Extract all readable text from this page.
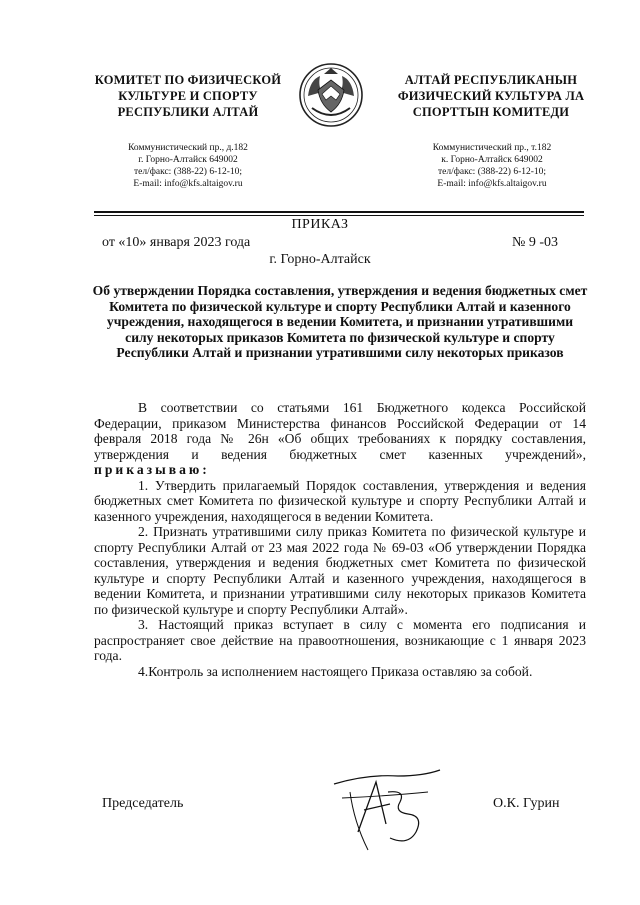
КОМИТЕТ ПО ФИЗИЧЕСКОЙ
КУЛЬТУРЕ И СПОРТУ
РЕСПУБЛИКИ АЛТАЙ
АЛТАЙ РЕСПУБЛИКАНЫН
ФИЗИЧЕСКИЙ КУЛЬТУРА ЛА
СПОРТТЫН КОМИТЕДИ
Коммунистический пр., д.182
г. Горно-Алтайск 649002
тел/факс: (388-22) 6-12-10;
E-mail: info@kfs.altaigov.ru
Коммунистический пр., т.182
к. Горно-Алтайск 649002
тел/факс: (388-22) 6-12-10;
E-mail: info@kfs.altaigov.ru
ПРИКАЗ
от «10» января 2023 года	№ 9 -03
г. Горно-Алтайск
Об утверждении Порядка составления, утверждения и ведения бюджетных смет Комитета по физической культуре и спорту Республики Алтай и казенного учреждения, находящегося в ведении Комитета, и признании утратившими силу некоторых приказов Комитета по физической культуре и спорту Республики Алтай и признании утратившими силу некоторых приказов

В соответствии со статьями 161 Бюджетного кодекса Российской Федерации, приказом Министерства финансов Российской Федерации от 14 февраля 2018 года № 26н «Об общих требованиях к порядку составления, утверждения и ведения бюджетных смет казенных учреждений», приказываю:

1. Утвердить прилагаемый Порядок составления, утверждения и ведения бюджетных смет Комитета по физической культуре и спорту Республики Алтай и казенного учреждения, находящегося в ведении Комитета.

2. Признать утратившими силу приказ Комитета по физической культуре и спорту Республики Алтай от 23 мая 2022 года № 69-03 «Об утверждении Порядка составления, утверждения и ведения бюджетных смет Комитета по физической культуре и спорту Республики Алтай и казенного учреждения, находящегося в ведении Комитета, и признании утратившими силу некоторых приказов Комитета по физической культуре и спорту Республики Алтай».

3. Настоящий приказ вступает в силу с момента его подписания и распространяет свое действие на правоотношения, возникающие с 1 января 2023 года.

4.Контроль за исполнением настоящего Приказа оставляю за собой.

Председатель	О.К. Гурин
